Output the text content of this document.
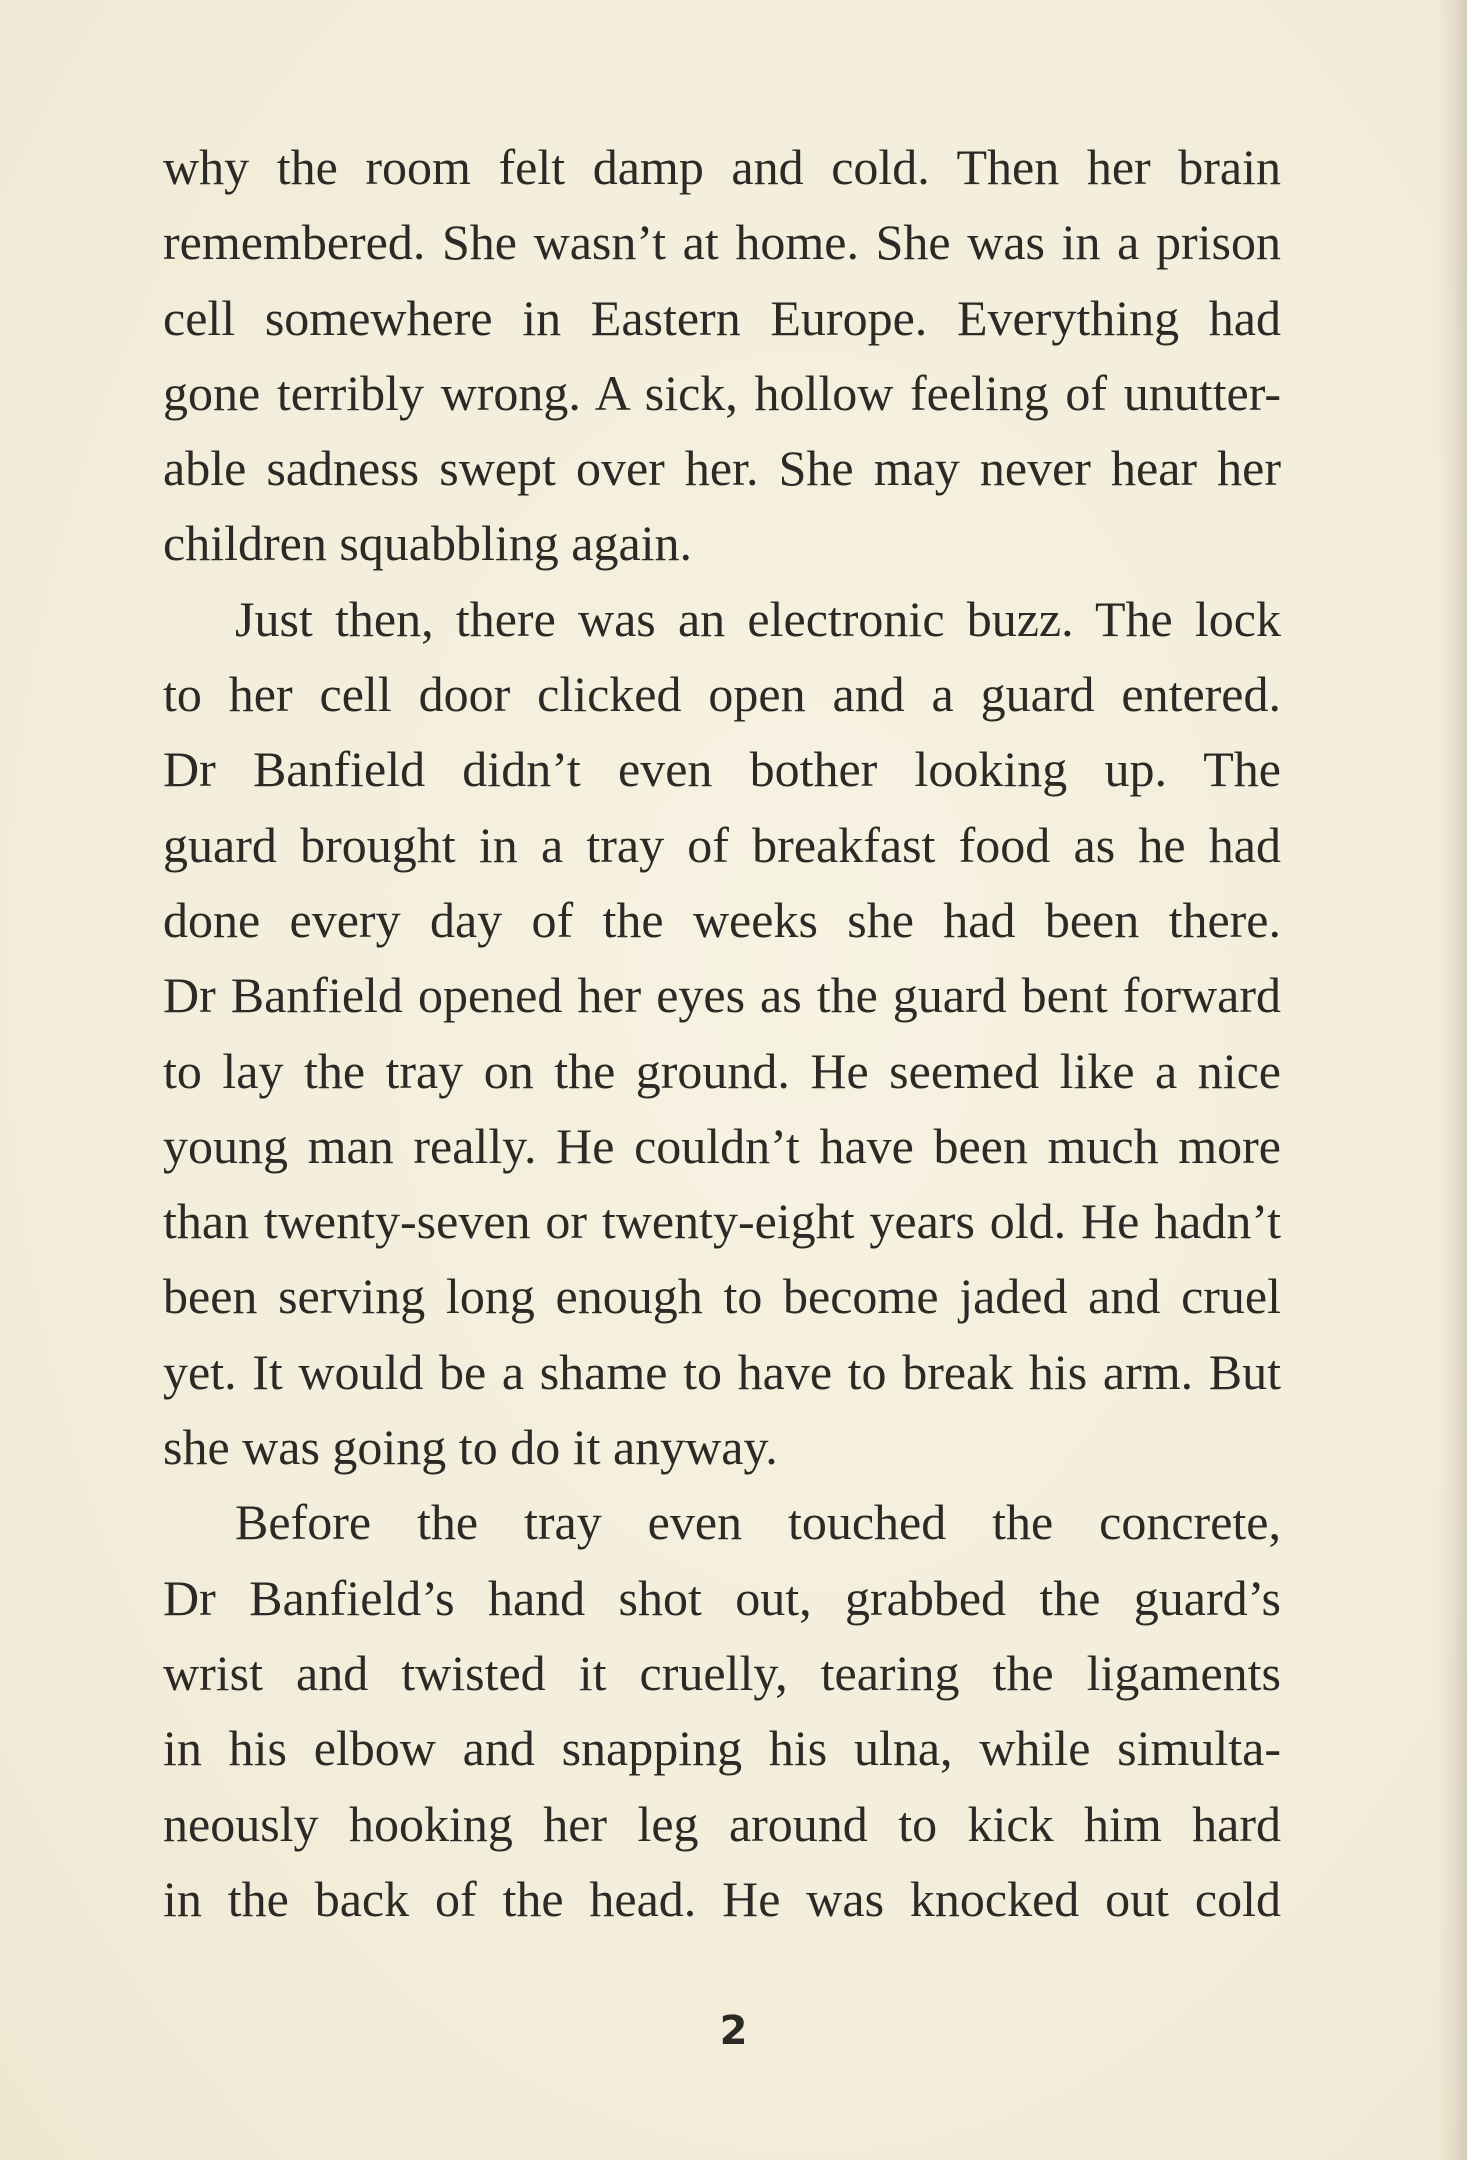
why the room felt damp and cold. Then her brain
remembered. She wasn’t at home. She was in a prison
cell somewhere in Eastern Europe. Everything had
gone terribly wrong. A sick, hollow feeling of unutter-
able sadness swept over her. She may never hear her
children squabbling again.
Just then, there was an electronic buzz. The lock
to her cell door clicked open and a guard entered.
Dr Banfield didn’t even bother looking up. The
guard brought in a tray of breakfast food as he had
done every day of the weeks she had been there.
Dr Banfield opened her eyes as the guard bent forward
to lay the tray on the ground. He seemed like a nice
young man really. He couldn’t have been much more
than twenty-seven or twenty-eight years old. He hadn’t
been serving long enough to become jaded and cruel
yet. It would be a shame to have to break his arm. But
she was going to do it anyway.
Before the tray even touched the concrete,
Dr Banfield’s hand shot out, grabbed the guard’s
wrist and twisted it cruelly, tearing the ligaments
in his elbow and snapping his ulna, while simulta-
neously hooking her leg around to kick him hard
in the back of the head. He was knocked out cold
2
